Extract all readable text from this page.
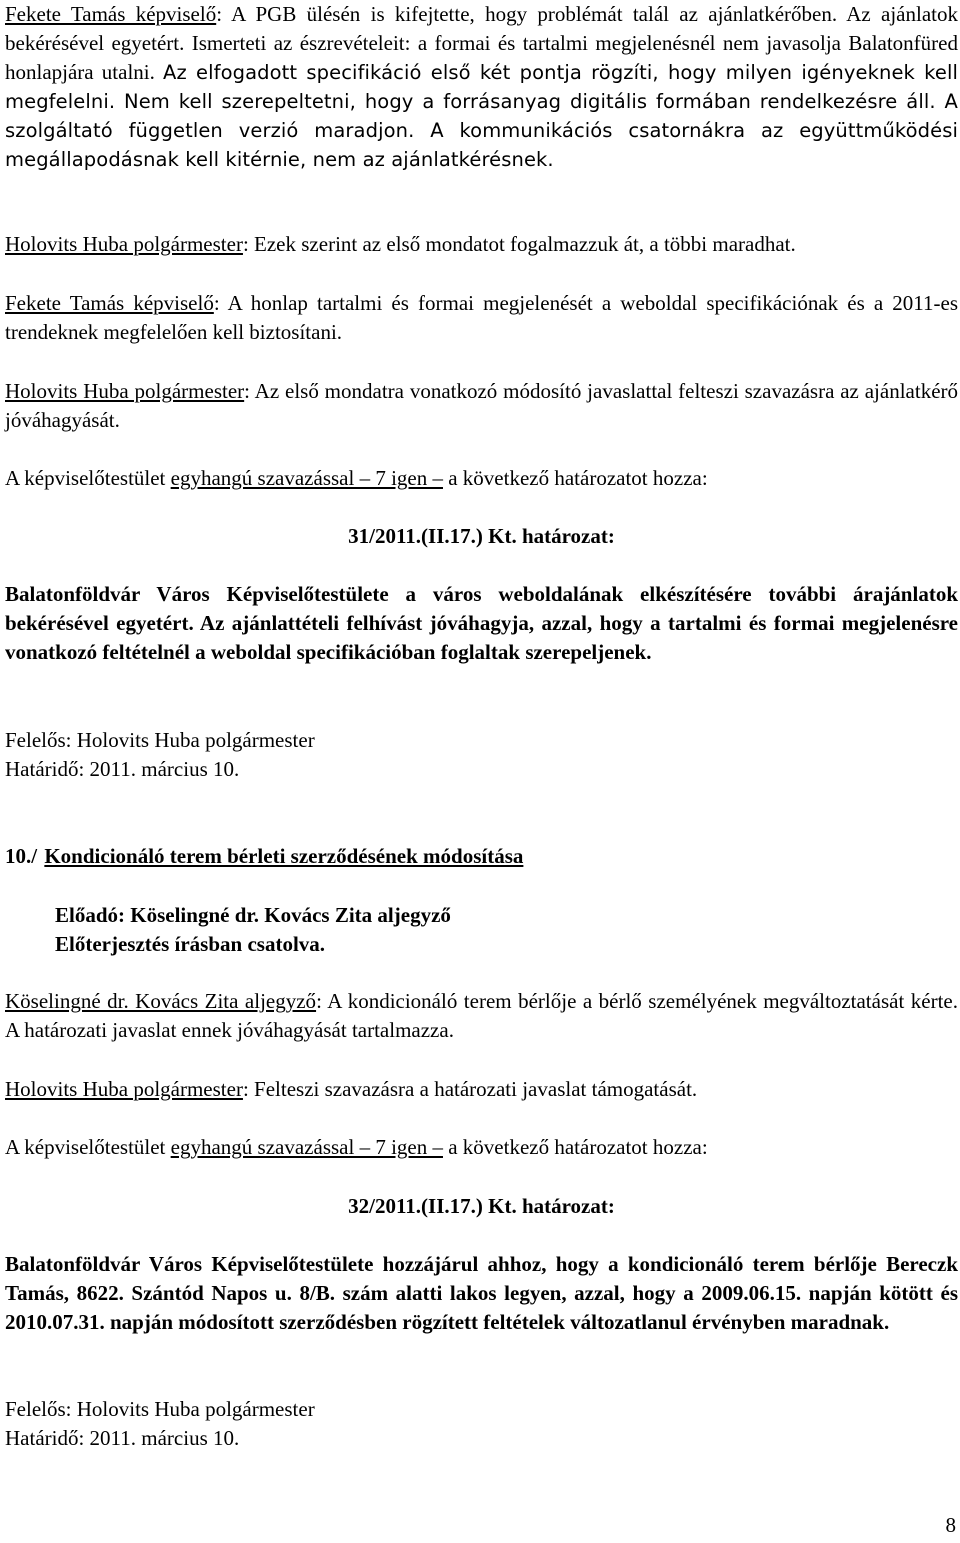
Fekete Tamás képviselő: A PGB ülésén is kifejtette, hogy problémát talál az ajánlatkérőben. Az ajánlatok bekérésével egyetért. Ismerteti az észrevételeit: a formai és tartalmi megjelenésnél nem javasolja Balatonfüred honlapjára utalni. Az elfogadott specifikáció első két pontja rögzíti, hogy milyen igényeknek kell megfelelni. Nem kell szerepeltetni, hogy a forrásanyag digitális formában rendelkezésre áll. A szolgáltató független verzió maradjon. A kommunikációs csatornákra az együttműködési megállapodásnak kell kitérnie, nem az ajánlatkérésnek.

Holovits Huba polgármester: Ezek szerint az első mondatot fogalmazzuk át, a többi maradhat.

Fekete Tamás képviselő: A honlap tartalmi és formai megjelenését a weboldal specifikációnak és a 2011-es trendeknek megfelelően kell biztosítani.

Holovits Huba polgármester: Az első mondatra vonatkozó módosító javaslattal felteszi szavazásra az ajánlatkérő jóváhagyását.

A képviselőtestület egyhangú szavazással – 7 igen – a következő határozatot hozza:

31/2011.(II.17.) Kt. határozat:

Balatonföldvár Város Képviselőtestülete a város weboldalának elkészítésére további árajánlatok bekérésével egyetért. Az ajánlattételi felhívást jóváhagyja, azzal, hogy a tartalmi és formai megjelenésre vonatkozó feltételnél a weboldal specifikációban foglaltak szerepeljenek.

Felelős: Holovits Huba polgármester

Határidő: 2011. március 10.

10./ Kondicionáló terem bérleti szerződésének módosítása

Előadó: Köselingné dr. Kovács Zita aljegyző

Előterjesztés írásban csatolva.

Köselingné dr. Kovács Zita aljegyző: A kondicionáló terem bérlője a bérlő személyének megváltoztatását kérte. A határozati javaslat ennek jóváhagyását tartalmazza.

Holovits Huba polgármester: Felteszi szavazásra a határozati javaslat támogatását.

A képviselőtestület egyhangú szavazással – 7 igen – a következő határozatot hozza:

32/2011.(II.17.) Kt. határozat:

Balatonföldvár Város Képviselőtestülete hozzájárul ahhoz, hogy a kondicionáló terem bérlője Bereczk Tamás, 8622. Szántód Napos u. 8/B. szám alatti lakos legyen, azzal, hogy a 2009.06.15. napján kötött és 2010.07.31. napján módosított szerződésben rögzített feltételek változatlanul érvényben maradnak.

Felelős: Holovits Huba polgármester

Határidő: 2011. március 10.

8
